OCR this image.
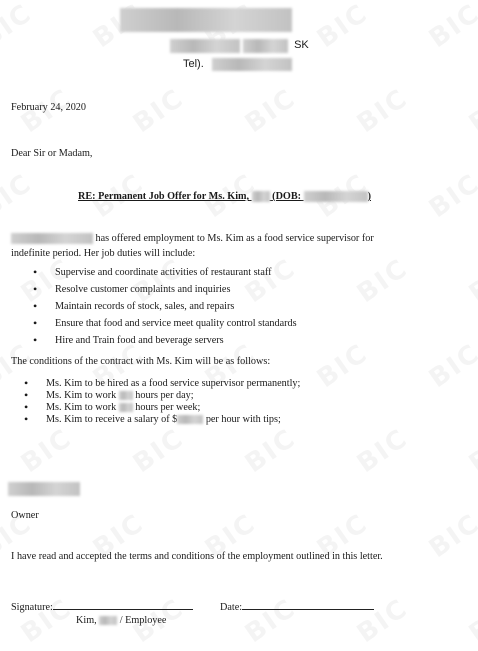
SK
Tel).
February 24, 2020
Dear Sir or Madam,
RE: Permanent Job Offer for Ms. Kim, (DOB:	)
has offered employment to Ms. Kim as a food service supervisor for
indefinite period. Her job duties will include:
• Supervise and coordinate activities of restaurant staff
• Resolve customer complaints and inquiries
• Maintain records of stock, sales, and repairs
• Ensure that food and service meet quality control standards
• Hire and Train food and beverage servers
The conditions of the contract with Ms. Kim will be as follows:
• Ms. Kim to be hired as a food service supervisor permanently;
• Ms. Kim to work hours per day;
• Ms. Kim to work hours per week;
• Ms. Kim to receive a salary of $	per hour with tips;
Owner
I have read and accepted the terms and conditions of the employment outlined in this letter.
Signature:	Date:
Kim, / Employee
